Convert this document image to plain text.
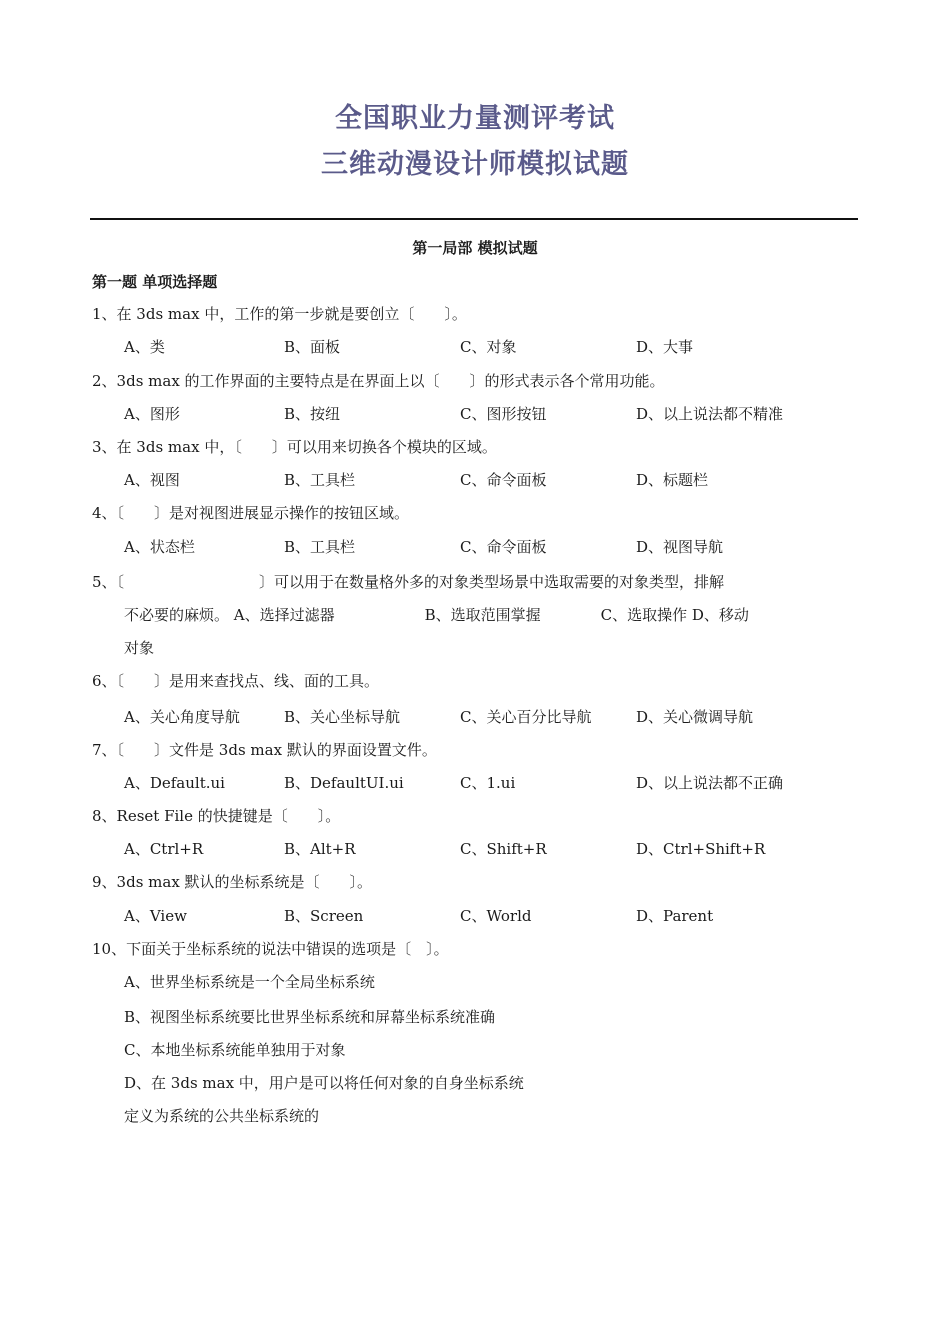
全国职业力量测评考试
三维动漫设计师模拟试题
第一局部 模拟试题
第一题 单项选择题
1、在 3ds max 中，工作的第一步就是要创立〔　　〕。
A、类	B、面板	C、对象	D、大事
2、3ds max 的工作界面的主要特点是在界面上以〔　　〕的形式表示各个常用功能。
A、图形	B、按纽	C、图形按钮	D、以上说法都不精准
3、在 3ds max 中，〔　　〕可以用来切换各个模块的区域。
A、视图	B、工具栏	C、命令面板	D、标题栏
4、〔　　〕是对视图进展显示操作的按钮区域。
A、状态栏	B、工具栏	C、命令面板	D、视图导航
5、〔　　　　　　　　　〕可以用于在数量格外多的对象类型场景中选取需要的对象类型，排解
不必要的麻烦。 A、选择过滤器　　　　　　B、选取范围掌握　　　　C、选取操作 D、移动
对象
6、〔　　〕是用来查找点、线、面的工具。
A、关心角度导航	B、关心坐标导航	C、关心百分比导航	D、关心微调导航
7、〔　　〕文件是 3ds max 默认的界面设置文件。
A、Default.ui	B、DefaultUI.ui	C、1.ui	D、以上说法都不正确
8、Reset File 的快捷键是〔　　〕。
A、Ctrl+R	B、Alt+R	C、Shift+R	D、Ctrl+Shift+R
9、3ds max 默认的坐标系统是〔　　〕。
A、View	B、Screen	C、World	D、Parent
10、下面关于坐标系统的说法中错误的选项是〔　〕。
A、世界坐标系统是一个全局坐标系统
B、视图坐标系统要比世界坐标系统和屏幕坐标系统准确
C、本地坐标系统能单独用于对象
D、在 3ds max 中，用户是可以将任何对象的自身坐标系统
定义为系统的公共坐标系统的
